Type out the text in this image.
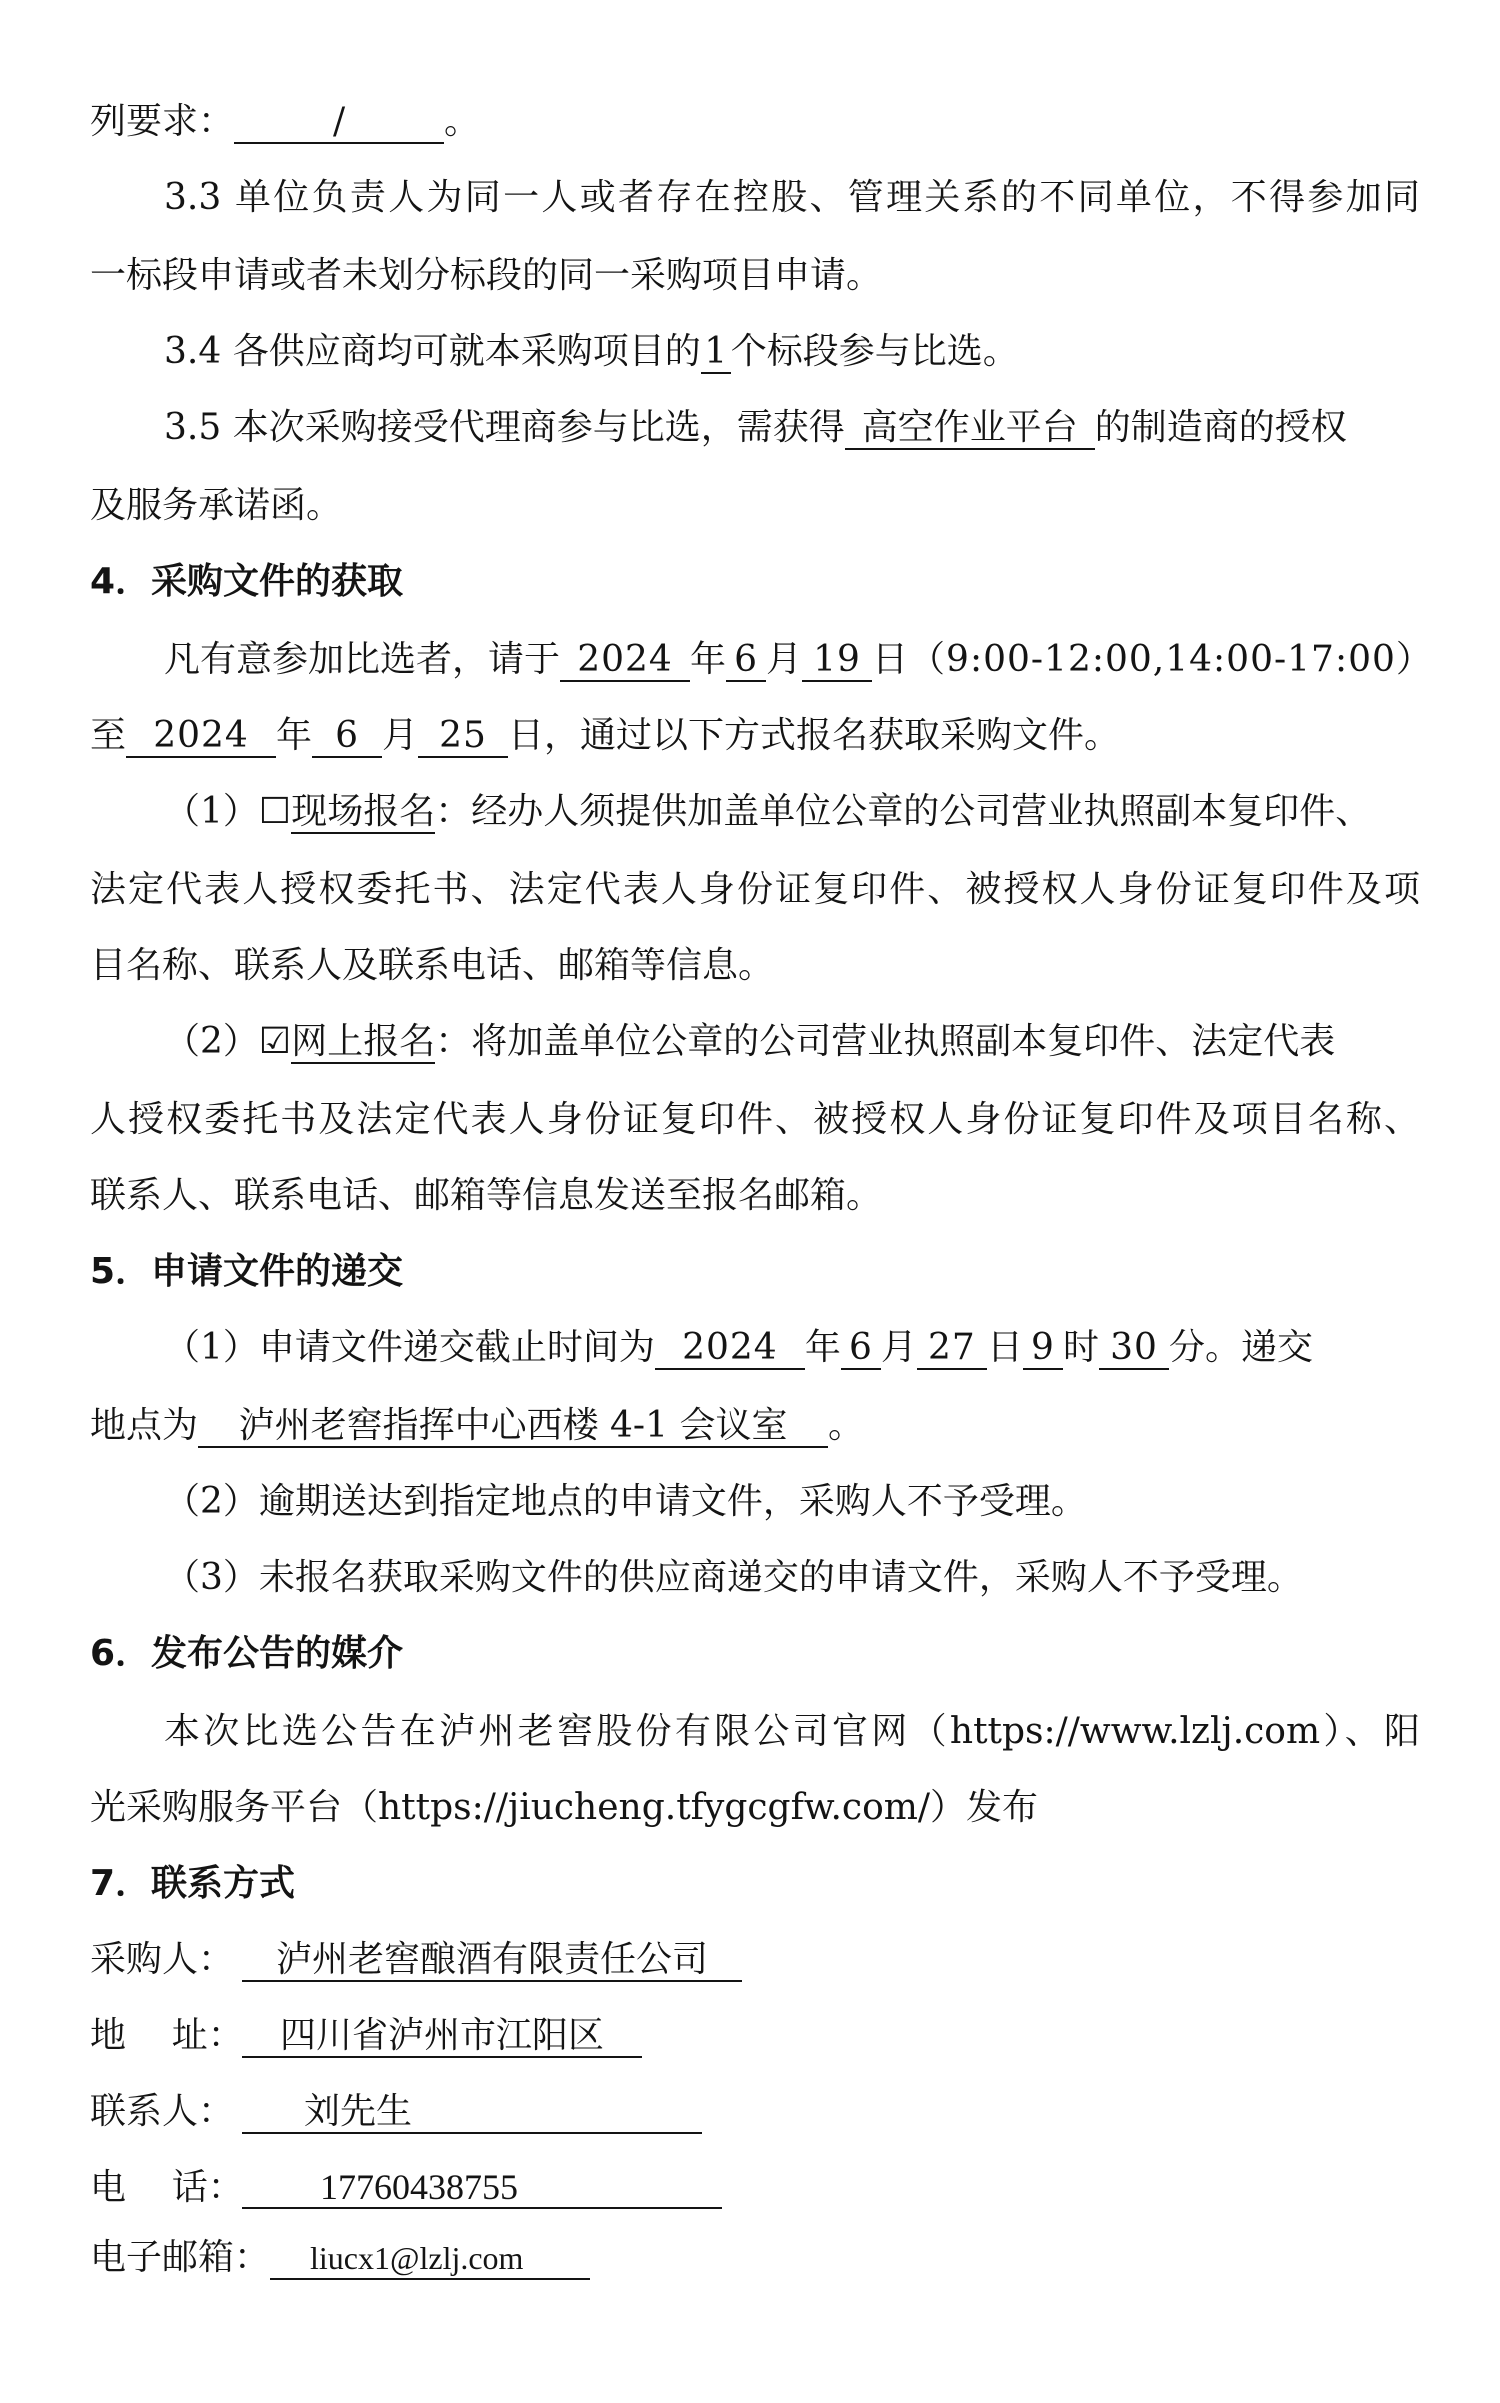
列要求：	/	。
3.3 单位负责人为同一人或者存在控股、管理关系的不同单位，不得参加同
一标段申请或者未划分标段的同一采购项目申请。
3.4 各供应商均可就本采购项目的1个标段参与比选。
3.5 本次采购接受代理商参与比选，需获得 高空作业平台 的制造商的授权
及服务承诺函。
4．采购文件的获取
凡有意参加比选者，请于 2024 年 6 月 19 日（9:00-12:00,14:00-17:00）
至 2024 年 6 月 25 日，通过以下方式报名获取采购文件。
（1）☐现场报名：经办人须提供加盖单位公章的公司营业执照副本复印件、
法定代表人授权委托书、法定代表人身份证复印件、被授权人身份证复印件及项
目名称、联系人及联系电话、邮箱等信息。
（2）☑网上报名：将加盖单位公章的公司营业执照副本复印件、法定代表
人授权委托书及法定代表人身份证复印件、被授权人身份证复印件及项目名称、
联系人、联系电话、邮箱等信息发送至报名邮箱。
5．申请文件的递交
（1）申请文件递交截止时间为 2024 年 6 月 27 日 9 时 30 分。递交
地点为 泸州老窖指挥中心西楼 4-1 会议室 。
（2）逾期送达到指定地点的申请文件，采购人不予受理。
（3）未报名获取采购文件的供应商递交的申请文件，采购人不予受理。
6．发布公告的媒介
本次比选公告在泸州老窖股份有限公司官网（https://www.lzlj.com）、阳
光采购服务平台（https://jiucheng.tfygcgfw.com/）发布
7．联系方式
采购人： 泸州老窖酿酒有限责任公司
地    址： 四川省泸州市江阳区
联系人： 刘先生
电    话： 17760438755
电子邮箱： liucx1@lzlj.com
